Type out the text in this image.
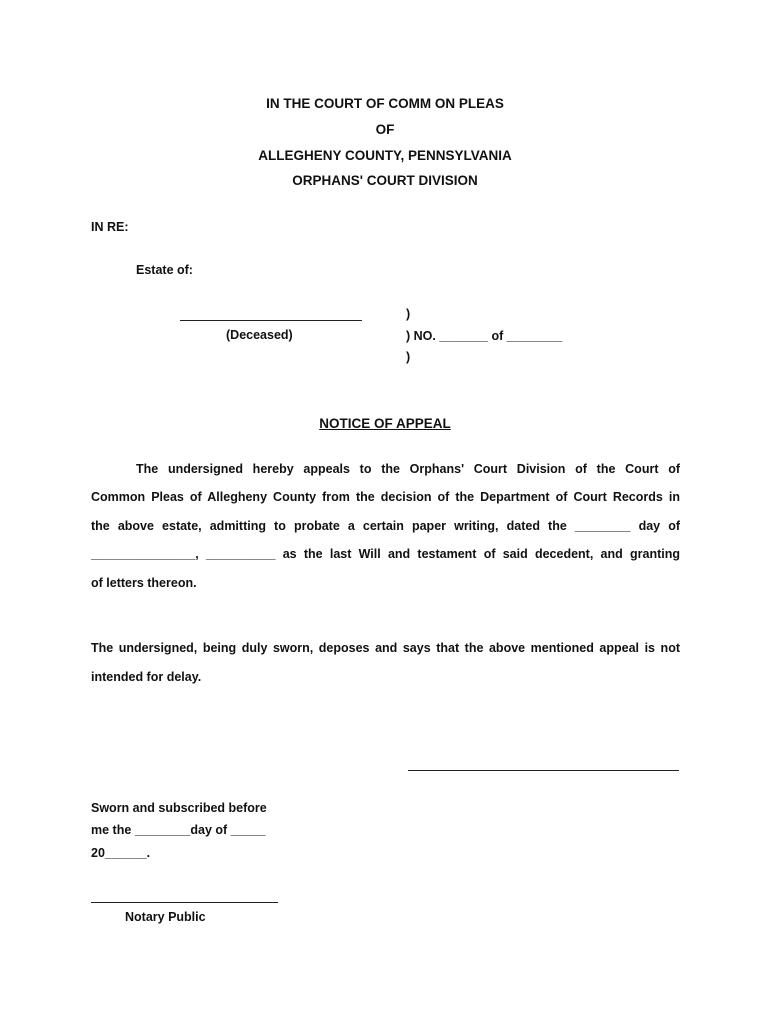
IN THE COURT OF COMM ON PLEAS
OF
ALLEGHENY COUNTY, PENNSYLVANIA
ORPHANS' COURT DIVISION
IN RE:
Estate of:
(Deceased)
)
) NO. _______ of ________
)
NOTICE OF APPEAL
The undersigned hereby appeals to the Orphans' Court Division of the Court of
Common Pleas of Allegheny County from the decision of the Department of Court Records in
the above estate, admitting to probate a certain paper writing, dated the ________ day of
_______________, __________ as the last Will and testament of said decedent, and granting
of letters thereon.
The undersigned, being duly sworn, deposes and says that the above mentioned appeal is not
intended for delay.
Sworn and subscribed before
me the ________day of _____
20______.
Notary Public
